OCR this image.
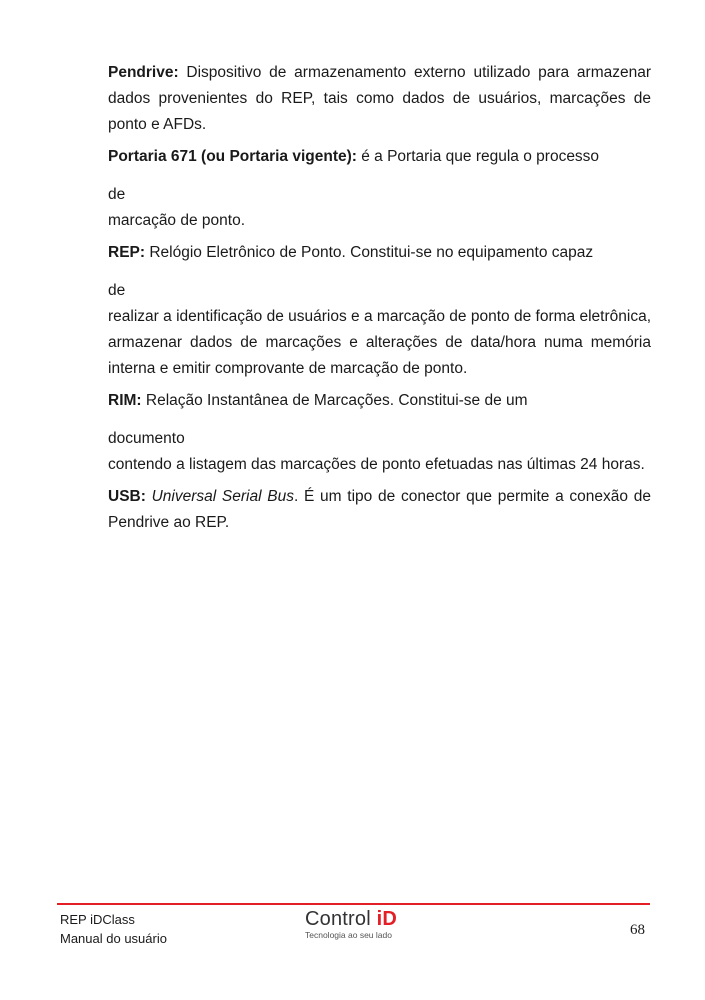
Pendrive: Dispositivo de armazenamento externo utilizado para armazenar dados provenientes do REP, tais como dados de usuários, marcações de ponto e AFDs.

Portaria 671 (ou Portaria vigente): é a Portaria que regula o processo

de
marcação de ponto.

REP: Relógio Eletrônico de Ponto. Constitui-se no equipamento capaz

de
realizar a identificação de usuários e a marcação de ponto de forma eletrônica, armazenar dados de marcações e alterações de data/hora numa memória interna e emitir comprovante de marcação de ponto.

RIM: Relação Instantânea de Marcações. Constitui-se de um

documento
contendo a listagem das marcações de ponto efetuadas nas últimas 24 horas.

USB: Universal Serial Bus. É um tipo de conector que permite a conexão de Pendrive ao REP.

REP iDClass
Manual do usuário
Control iD
Tecnologia ao seu lado	68
